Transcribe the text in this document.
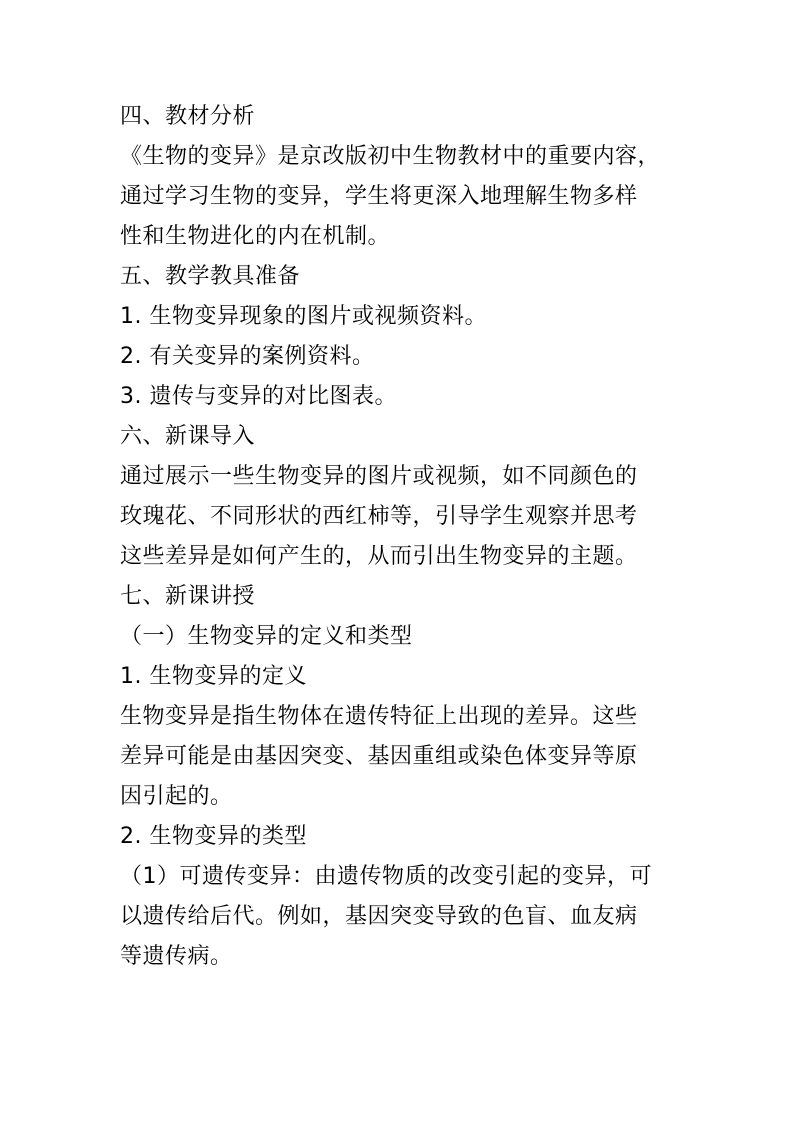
四、教材分析
《生物的变异》是京改版初中生物教材中的重要内容，
通过学习生物的变异，学生将更深入地理解生物多样
性和生物进化的内在机制。
五、教学教具准备
1. 生物变异现象的图片或视频资料。
2. 有关变异的案例资料。
3. 遗传与变异的对比图表。
六、新课导入
通过展示一些生物变异的图片或视频，如不同颜色的
玫瑰花、不同形状的西红柿等，引导学生观察并思考
这些差异是如何产生的，从而引出生物变异的主题。
七、新课讲授
（一）生物变异的定义和类型
1. 生物变异的定义
生物变异是指生物体在遗传特征上出现的差异。这些
差异可能是由基因突变、基因重组或染色体变异等原
因引起的。
2. 生物变异的类型
（1）可遗传变异：由遗传物质的改变引起的变异，可
以遗传给后代。例如，基因突变导致的色盲、血友病
等遗传病。
